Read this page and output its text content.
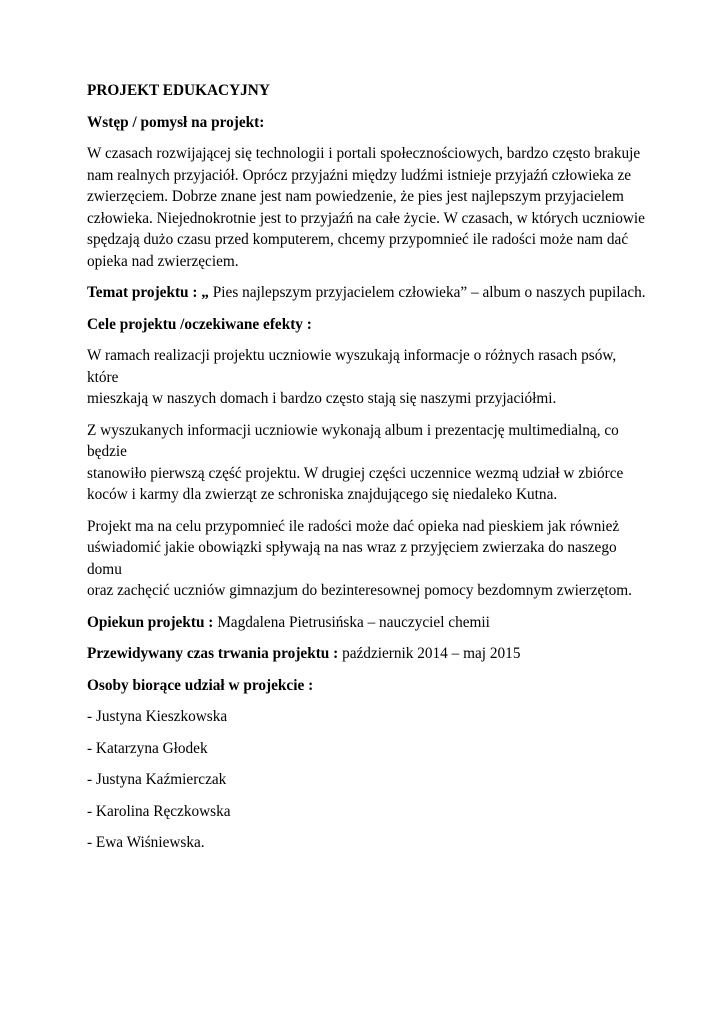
PROJEKT EDUKACYJNY
Wstęp / pomysł na projekt:
W czasach rozwijającej się technologii i portali społecznościowych, bardzo często brakuje
nam realnych przyjaciół. Oprócz przyjaźni między ludźmi istnieje przyjaźń człowieka ze
zwierzęciem. Dobrze znane jest nam powiedzenie, że pies jest najlepszym przyjacielem
człowieka. Niejednokrotnie jest to przyjaźń na całe życie. W czasach, w których uczniowie
spędzają dużo czasu przed komputerem, chcemy przypomnieć ile radości może nam dać
opieka nad zwierzęciem.
Temat projektu : „ Pies najlepszym przyjacielem człowieka” – album o naszych pupilach.
Cele projektu /oczekiwane efekty :
W ramach realizacji projektu uczniowie wyszukają informacje o różnych rasach psów, które
mieszkają w naszych domach i bardzo często stają się naszymi przyjaciółmi.
Z wyszukanych informacji uczniowie wykonają album i prezentację multimedialną, co będzie
stanowiło pierwszą część projektu. W drugiej części uczennice wezmą udział w zbiórce
koców i karmy dla zwierząt ze schroniska znajdującego się niedaleko Kutna.
Projekt ma na celu przypomnieć ile radości może dać opieka nad pieskiem jak również
uświadomić jakie obowiązki spływają na nas wraz z przyjęciem zwierzaka do naszego domu
oraz zachęcić uczniów gimnazjum do bezinteresownej pomocy bezdomnym zwierzętom.
Opiekun projektu : Magdalena Pietrusińska – nauczyciel chemii
Przewidywany czas trwania projektu : październik 2014 – maj 2015
Osoby biorące udział w projekcie :
- Justyna Kieszkowska
- Katarzyna Głodek
- Justyna Kaźmierczak
- Karolina Ręczkowska
- Ewa Wiśniewska.
